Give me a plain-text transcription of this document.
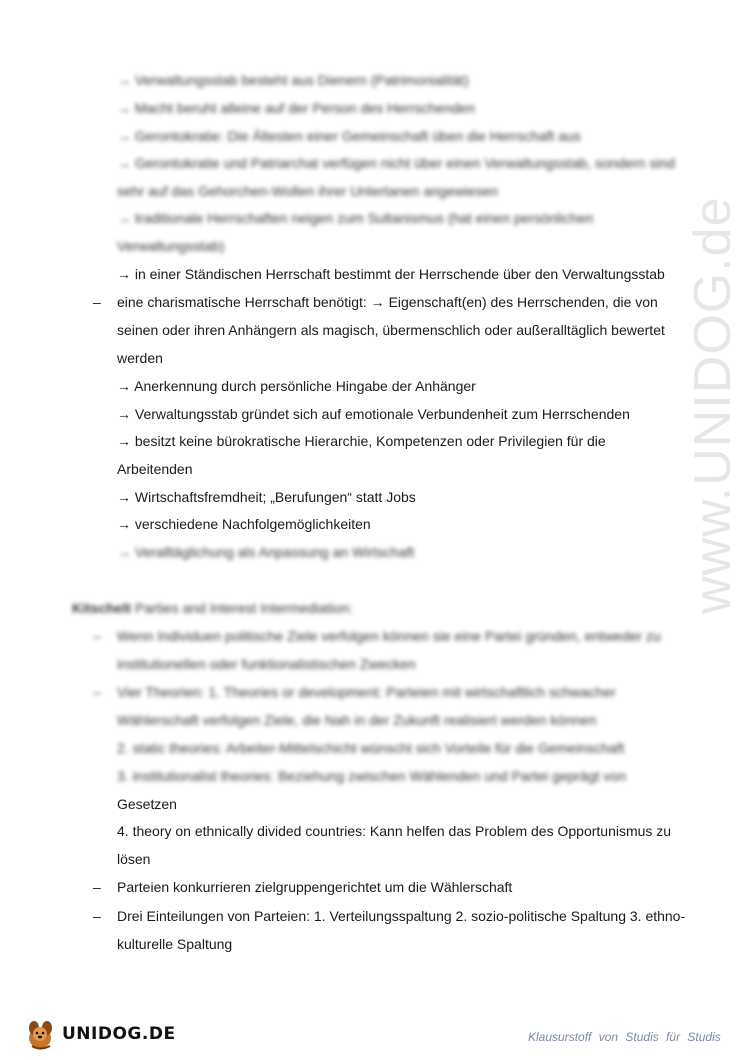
www.UNIDOG.de
→ Verwaltungsstab besteht aus Dienern (Patrimonialität)
→ Macht beruht alleine auf der Person des Herrschenden
→ Gerontokratie: Die Ältesten einer Gemeinschaft üben die Herrschaft aus
→ Gerontokratie und Patriarchat verfügen nicht über einen Verwaltungsstab, sondern sind
sehr auf das Gehorchen-Wollen ihrer Untertanen angewiesen
→ traditionale Herrschaften neigen zum Sultanismus (hat einen persönlichen
Verwaltungsstab)
→ in einer Ständischen Herrschaft bestimmt der Herrschende über den Verwaltungsstab
–	eine charismatische Herrschaft benötigt: → Eigenschaft(en) des Herrschenden, die von
seinen oder ihren Anhängern als magisch, übermenschlich oder außeralltäglich bewertet
werden
→ Anerkennung durch persönliche Hingabe der Anhänger
→ Verwaltungsstab gründet sich auf emotionale Verbundenheit zum Herrschenden
→ besitzt keine bürokratische Hierarchie, Kompetenzen oder Privilegien für die
Arbeitenden
→ Wirtschaftsfremdheit; „Berufungen“ statt Jobs
→ verschiedene Nachfolgemöglichkeiten
→ Veralltäglichung als Anpassung an Wirtschaft
Kitschelt Parties and Interest Intermediation:
–	Wenn Individuen politische Ziele verfolgen können sie eine Partei gründen, entweder zu
institutionellen oder funktionalistischen Zwecken
–	Vier Theorien: 1. Theories or development: Parteien mit wirtschaftlich schwacher
Wählerschaft verfolgen Ziele, die Nah in der Zukunft realisiert werden können
2. static theories: Arbeiter-Mittelschicht wünscht sich Vorteile für die Gemeinschaft
3. institutionalist theories: Beziehung zwischen Wählenden und Partei geprägt von
Gesetzen
4. theory on ethnically divided countries: Kann helfen das Problem des Opportunismus zu
lösen
–	Parteien konkurrieren zielgruppengerichtet um die Wählerschaft
–	Drei Einteilungen von Parteien: 1. Verteilungsspaltung 2. sozio-politische Spaltung 3. ethno-
kulturelle Spaltung
UNIDOG.DE	Klausurstoff von Studis für Studis
